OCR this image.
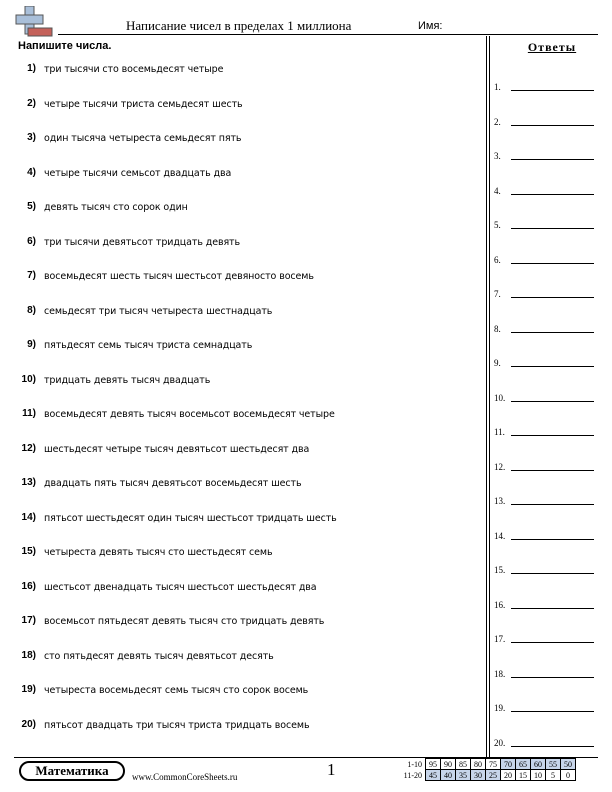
Написание чисел в пределах 1 миллиона	Имя:
Напишите числа.
1) три тысячи сто восемьдесят четыре
2) четыре тысячи триста семьдесят шесть
3) один тысяча четыреста семьдесят пять
4) четыре тысячи семьсот двадцать два
5) девять тысяч сто сорок один
6) три тысячи девятьсот тридцать девять
7) восемьдесят шесть тысяч шестьсот девяносто восемь
8) семьдесят три тысяч четыреста шестнадцать
9) пятьдесят семь тысяч триста семнадцать
10) тридцать девять тысяч двадцать
11) восемьдесят девять тысяч восемьсот восемьдесят четыре
12) шестьдесят четыре тысяч девятьсот шестьдесят два
13) двадцать пять тысяч девятьсот восемьдесят шесть
14) пятьсот шестьдесят один тысяч шестьсот тридцать шесть
15) четыреста девять тысяч сто шестьдесят семь
16) шестьсот двенадцать тысяч шестьсот шестьдесят два
17) восемьсот пятьдесят девять тысяч сто тридцать девять
18) сто пятьдесят девять тысяч девятьсот десять
19) четыреста восемьдесят семь тысяч сто сорок восемь
20) пятьсот двадцать три тысяч триста тридцать восемь
Ответы
1.
2.
3.
4.
5.
6.
7.
8.
9.
10.
11.
12.
13.
14.
15.
16.
17.
18.
19.
20.
Математика	www.CommonCoreSheets.ru	1	1-10	95	90	85	80	75	70	65	60	55	50
11-20	45	40	35	30	25	20	15	10	5	0
